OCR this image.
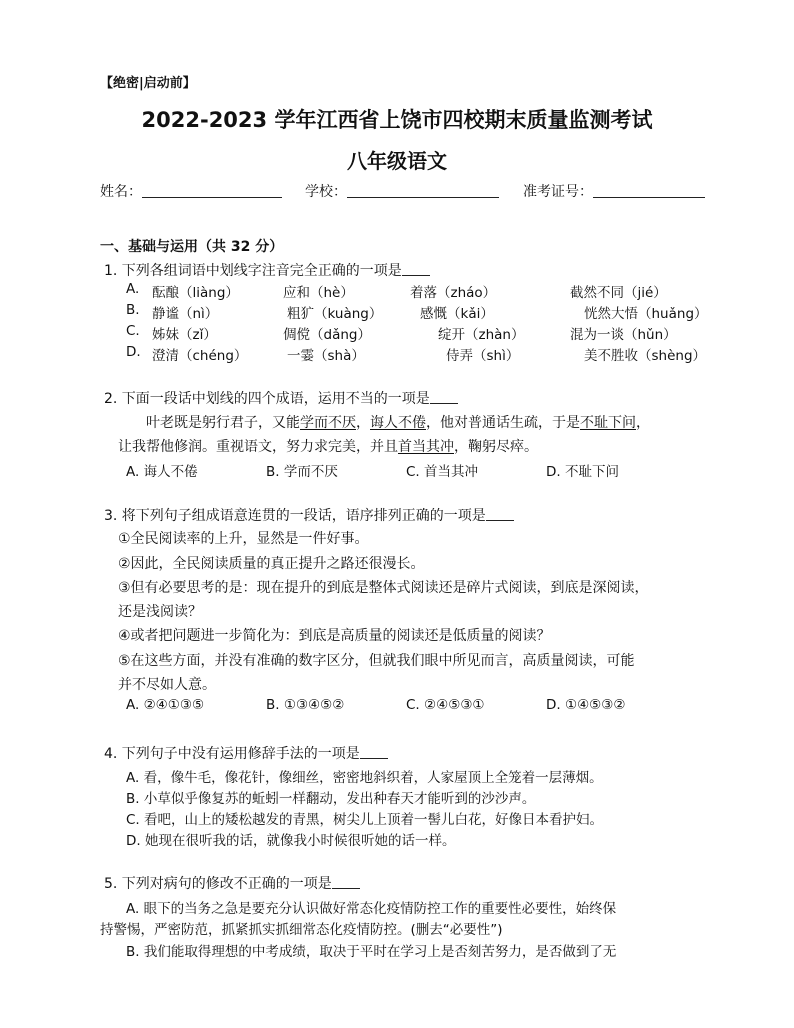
【绝密|启动前】
2022-2023 学年江西省上饶市四校期末质量监测考试
八年级语文
姓名：	学校：	准考证号：
一、基础与运用（共 32 分）
1. 下列各组词语中划线字注音完全正确的一项是
A. 酝酿（liàng）	应和（hè）	着落（zháo）	截然不同（jié）
B. 静谧（nì）	粗犷（kuàng）	感慨（kǎi）	恍然大悟（huǎng）
C. 姊妹（zǐ）	倜傥（dǎng）	绽开（zhàn）	混为一谈（hǔn）
D. 澄清（chéng）	一霎（shà）	侍弄（shì）	美不胜收（shèng）
2. 下面一段话中划线的四个成语，运用不当的一项是
叶老既是躬行君子，又能学而不厌，诲人不倦，他对普通话生疏，于是不耻下问，
让我帮他修润。重视语文，努力求完美，并且首当其冲，鞠躬尽瘁。
A. 诲人不倦	B. 学而不厌	C. 首当其冲	D. 不耻下问
3. 将下列句子组成语意连贯的一段话，语序排列正确的一项是
①全民阅读率的上升，显然是一件好事。
②因此，全民阅读质量的真正提升之路还很漫长。
③但有必要思考的是：现在提升的到底是整体式阅读还是碎片式阅读，到底是深阅读，
还是浅阅读？
④或者把问题进一步简化为：到底是高质量的阅读还是低质量的阅读？
⑤在这些方面，并没有准确的数字区分，但就我们眼中所见而言，高质量阅读，可能
并不尽如人意。
A. ②④①③⑤	B. ①③④⑤②	C. ②④⑤③①	D. ①④⑤③②
4. 下列句子中没有运用修辞手法的一项是
A. 看，像牛毛，像花针，像细丝，密密地斜织着，人家屋顶上全笼着一层薄烟。
B. 小草似乎像复苏的蚯蚓一样翻动，发出种春天才能听到的沙沙声。
C. 看吧，山上的矮松越发的青黑，树尖儿上顶着一髻儿白花，好像日本看护妇。
D. 她现在很听我的话，就像我小时候很听她的话一样。
5. 下列对病句的修改不正确的一项是
A. 眼下的当务之急是要充分认识做好常态化疫情防控工作的重要性必要性，始终保
持警惕，严密防范，抓紧抓实抓细常态化疫情防控。(删去“必要性”)
B. 我们能取得理想的中考成绩，取决于平时在学习上是否刻苦努力，是否做到了无
